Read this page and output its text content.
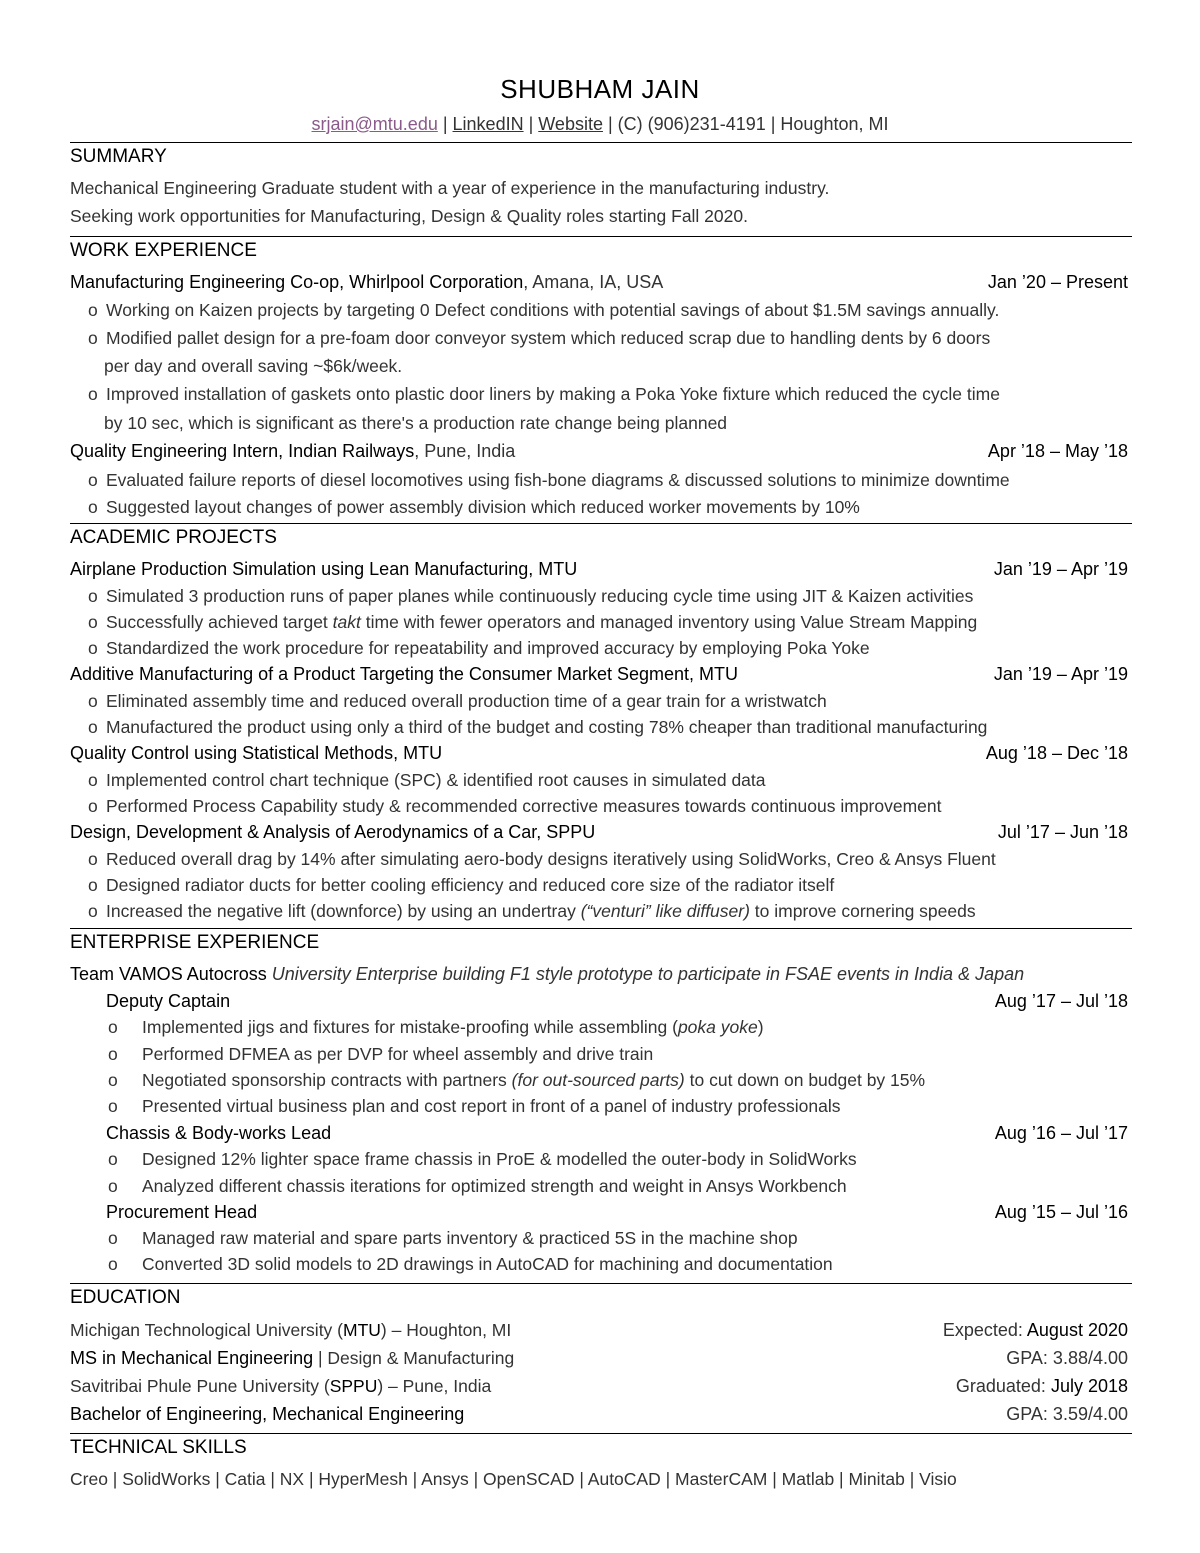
SHUBHAM JAIN
srjain@mtu.edu | LinkedIN | Website | (C) (906)231-4191 | Houghton, MI
SUMMARY
Mechanical Engineering Graduate student with a year of experience in the manufacturing industry.
Seeking work opportunities for Manufacturing, Design & Quality roles starting Fall 2020.
WORK EXPERIENCE
Manufacturing Engineering Co-op, Whirlpool Corporation, Amana, IA, USA	Jan ’20 – Present
o Working on Kaizen projects by targeting 0 Defect conditions with potential savings of about $1.5M savings annually.
o Modified pallet design for a pre-foam door conveyor system which reduced scrap due to handling dents by 6 doors
per day and overall saving ~$6k/week.
o Improved installation of gaskets onto plastic door liners by making a Poka Yoke fixture which reduced the cycle time
by 10 sec, which is significant as there's a production rate change being planned
Quality Engineering Intern, Indian Railways, Pune, India	Apr ’18 – May ’18
o Evaluated failure reports of diesel locomotives using fish-bone diagrams & discussed solutions to minimize downtime
o Suggested layout changes of power assembly division which reduced worker movements by 10%
ACADEMIC PROJECTS
Airplane Production Simulation using Lean Manufacturing, MTU	Jan ’19 – Apr ’19
o Simulated 3 production runs of paper planes while continuously reducing cycle time using JIT & Kaizen activities
o Successfully achieved target takt time with fewer operators and managed inventory using Value Stream Mapping
o Standardized the work procedure for repeatability and improved accuracy by employing Poka Yoke
Additive Manufacturing of a Product Targeting the Consumer Market Segment, MTU	Jan ’19 – Apr ’19
o Eliminated assembly time and reduced overall production time of a gear train for a wristwatch
o Manufactured the product using only a third of the budget and costing 78% cheaper than traditional manufacturing
Quality Control using Statistical Methods, MTU	Aug ’18 – Dec ’18
o Implemented control chart technique (SPC) & identified root causes in simulated data
o Performed Process Capability study & recommended corrective measures towards continuous improvement
Design, Development & Analysis of Aerodynamics of a Car, SPPU	Jul ’17 – Jun ’18
o Reduced overall drag by 14% after simulating aero-body designs iteratively using SolidWorks, Creo & Ansys Fluent
o Designed radiator ducts for better cooling efficiency and reduced core size of the radiator itself
o Increased the negative lift (downforce) by using an undertray (“venturi” like diffuser) to improve cornering speeds
ENTERPRISE EXPERIENCE
Team VAMOS Autocross University Enterprise building F1 style prototype to participate in FSAE events in India & Japan
Deputy Captain	Aug ’17 – Jul ’18
o Implemented jigs and fixtures for mistake-proofing while assembling (poka yoke)
o Performed DFMEA as per DVP for wheel assembly and drive train
o Negotiated sponsorship contracts with partners (for out-sourced parts) to cut down on budget by 15%
o Presented virtual business plan and cost report in front of a panel of industry professionals
Chassis & Body-works Lead	Aug ’16 – Jul ’17
o Designed 12% lighter space frame chassis in ProE & modelled the outer-body in SolidWorks
o Analyzed different chassis iterations for optimized strength and weight in Ansys Workbench
Procurement Head	Aug ’15 – Jul ’16
o Managed raw material and spare parts inventory & practiced 5S in the machine shop
o Converted 3D solid models to 2D drawings in AutoCAD for machining and documentation
EDUCATION
Michigan Technological University (MTU) – Houghton, MI	Expected: August 2020
MS in Mechanical Engineering | Design & Manufacturing	GPA: 3.88/4.00
Savitribai Phule Pune University (SPPU) – Pune, India	Graduated: July 2018
Bachelor of Engineering, Mechanical Engineering	GPA: 3.59/4.00
TECHNICAL SKILLS
Creo | SolidWorks | Catia | NX | HyperMesh | Ansys | OpenSCAD | AutoCAD | MasterCAM | Matlab | Minitab | Visio
